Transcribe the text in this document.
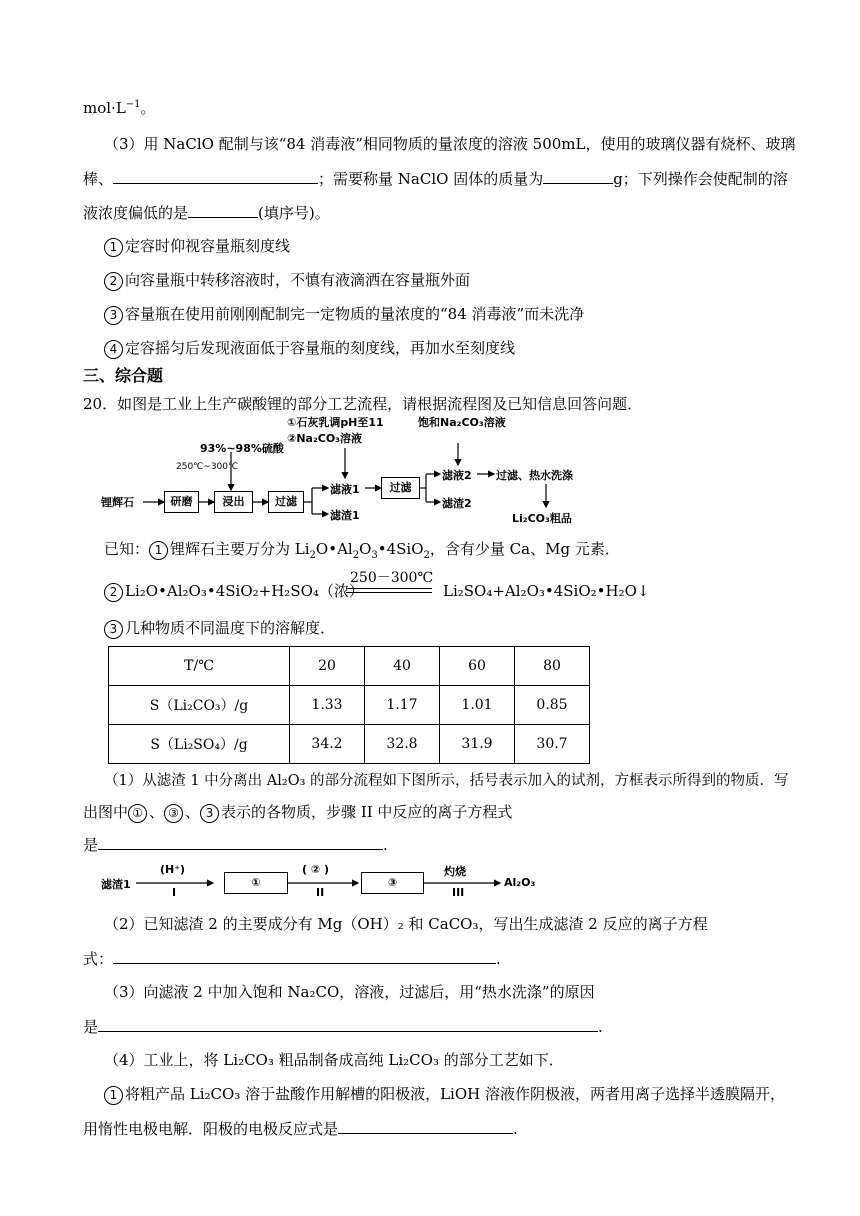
$mol\cdot L^{-1}$。
（3）用 NaClO 配制与该“84 消毒液”相同物质的量浓度的溶液 500mL，使用的玻璃仪器有烧杯、玻璃
棒、	；需要称量 NaClO 固体的质量为	g；下列操作会使配制的溶
液浓度偏低的是	(填序号)。
1 定容时仰视容量瓶刻度线
2 向容量瓶中转移溶液时，不慎有液滴洒在容量瓶外面
3 容量瓶在使用前刚刚配制完一定物质的量浓度的“84 消毒液”而未洗净
4 定容摇匀后发现液面低于容量瓶的刻度线，再加水至刻度线
三、综合题
20．如图是工业上生产碳酸锂的部分工艺流程，请根据流程图及已知信息回答问题．
锂辉石	研磨	浸出	过滤
过滤
93%~98%硫酸
250℃~300℃
①石灰乳调pH至11
②Na₂CO₃溶液
饱和Na₂CO₃溶液
滤液1
滤渣1
滤液2
滤渣2
过滤、热水洗涤
Li₂CO₃粗品
已知： 1 锂辉石主要万分为 $Li_2O•Al_2O_3•4SiO_2$，含有少量 Ca、Mg 元素．
2 Li₂O•Al₂O₃•4SiO₂+H₂SO₄（浓）
250－300℃
Li₂SO₄+Al₂O₃•4SiO₂•H₂O↓
3 几种物质不同温度下的溶解度．
T/℃	20	40	60	80
S（Li₂CO₃）/g	1.33	1.17	1.01	0.85
S（Li₂SO₄）/g	34.2	32.8	31.9	30.7
（1）从滤渣 1 中分离出 Al₂O₃ 的部分流程如下图所示，括号表示加入的试剂，方框表示所得到的物质．写
出图中 ① 、 ③ 、 3 表示的各物质，步骤 II 中反应的离子方程式
是	.
滤渣1
(H⁺)
I
①
( ② )
II
③
灼烧
III
Al₂O₃
（2）已知滤渣 2 的主要成分有 Mg（OH）₂ 和 CaCO₃，写出生成滤渣 2 反应的离子方程
式：	.
（3）向滤液 2 中加入饱和 Na₂CO，溶液，过滤后，用“热水洗涤”的原因
是	.
（4）工业上，将 Li₂CO₃ 粗品制备成高纯 Li₂CO₃ 的部分工艺如下．
1 将粗产品 Li₂CO₃ 溶于盐酸作用解槽的阳极液，LiOH 溶液作阴极液，两者用离子选择半透膜隔开，
用惰性电极电解．阳极的电极反应式是	.
